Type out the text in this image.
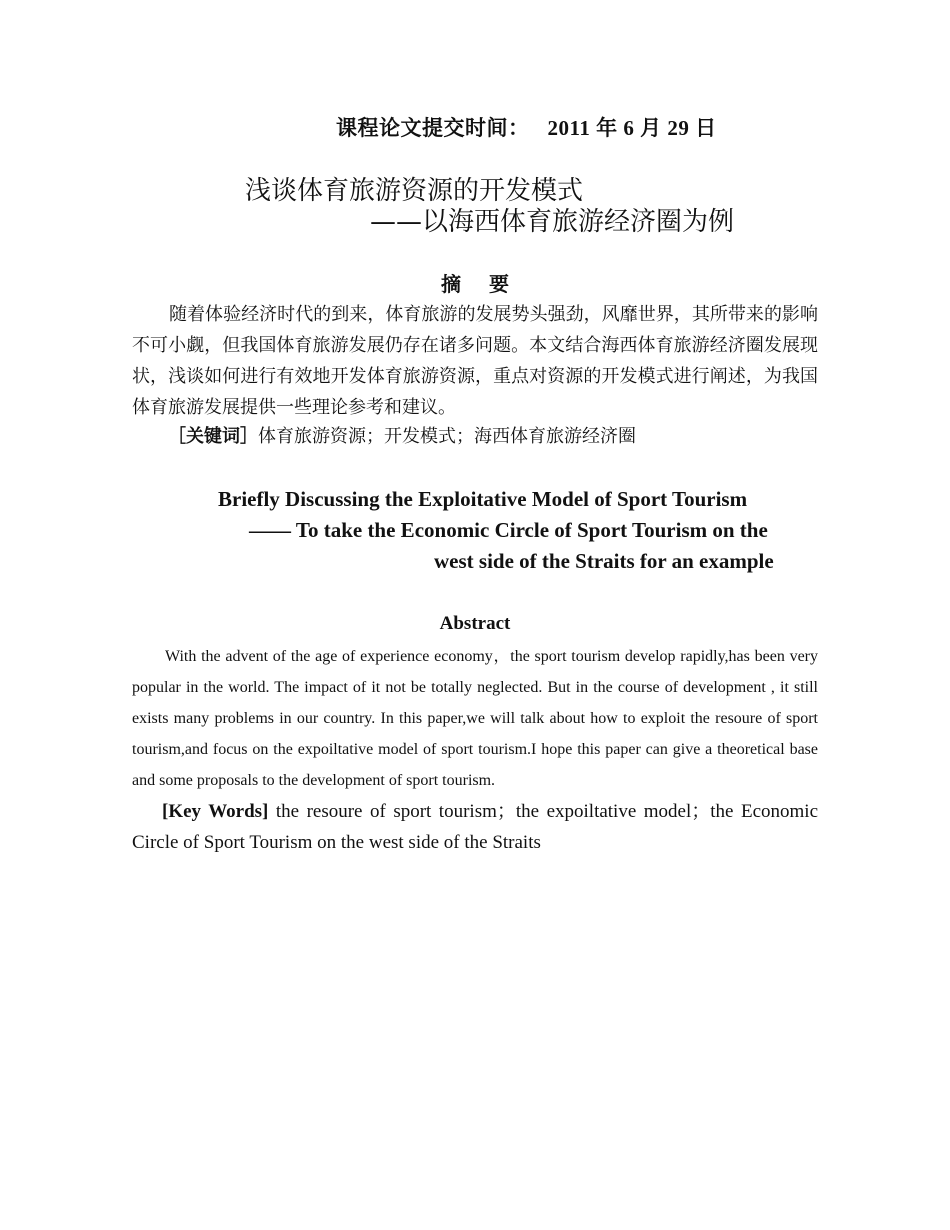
课程论文提交时间： 2011 年 6 月 29 日
浅谈体育旅游资源的开发模式
——以海西体育旅游经济圈为例
摘要
随着体验经济时代的到来，体育旅游的发展势头强劲，风靡世界，其所带来的影响不可小觑，但我国体育旅游发展仍存在诸多问题。本文结合海西体育旅游经济圈发展现状，浅谈如何进行有效地开发体育旅游资源，重点对资源的开发模式进行阐述，为我国体育旅游发展提供一些理论参考和建议。
［关键词］体育旅游资源；开发模式；海西体育旅游经济圈
Briefly Discussing the Exploitative Model of Sport Tourism
—— To take the Economic Circle of Sport Tourism on the
west side of the Straits for an example
Abstract
With the advent of the age of experience economy，the sport tourism develop rapidly,has been very popular in the world. The impact of it not be totally neglected. But in the course of development , it still exists many problems in our country. In this paper,we will talk about how to exploit the resoure of sport tourism,and focus on the expoiltative model of sport tourism.I hope this paper can give a theoretical base and some proposals to the development of sport tourism.
[Key Words] the resoure of sport tourism；the expoiltative model；the Economic Circle of Sport Tourism on the west side of the Straits
